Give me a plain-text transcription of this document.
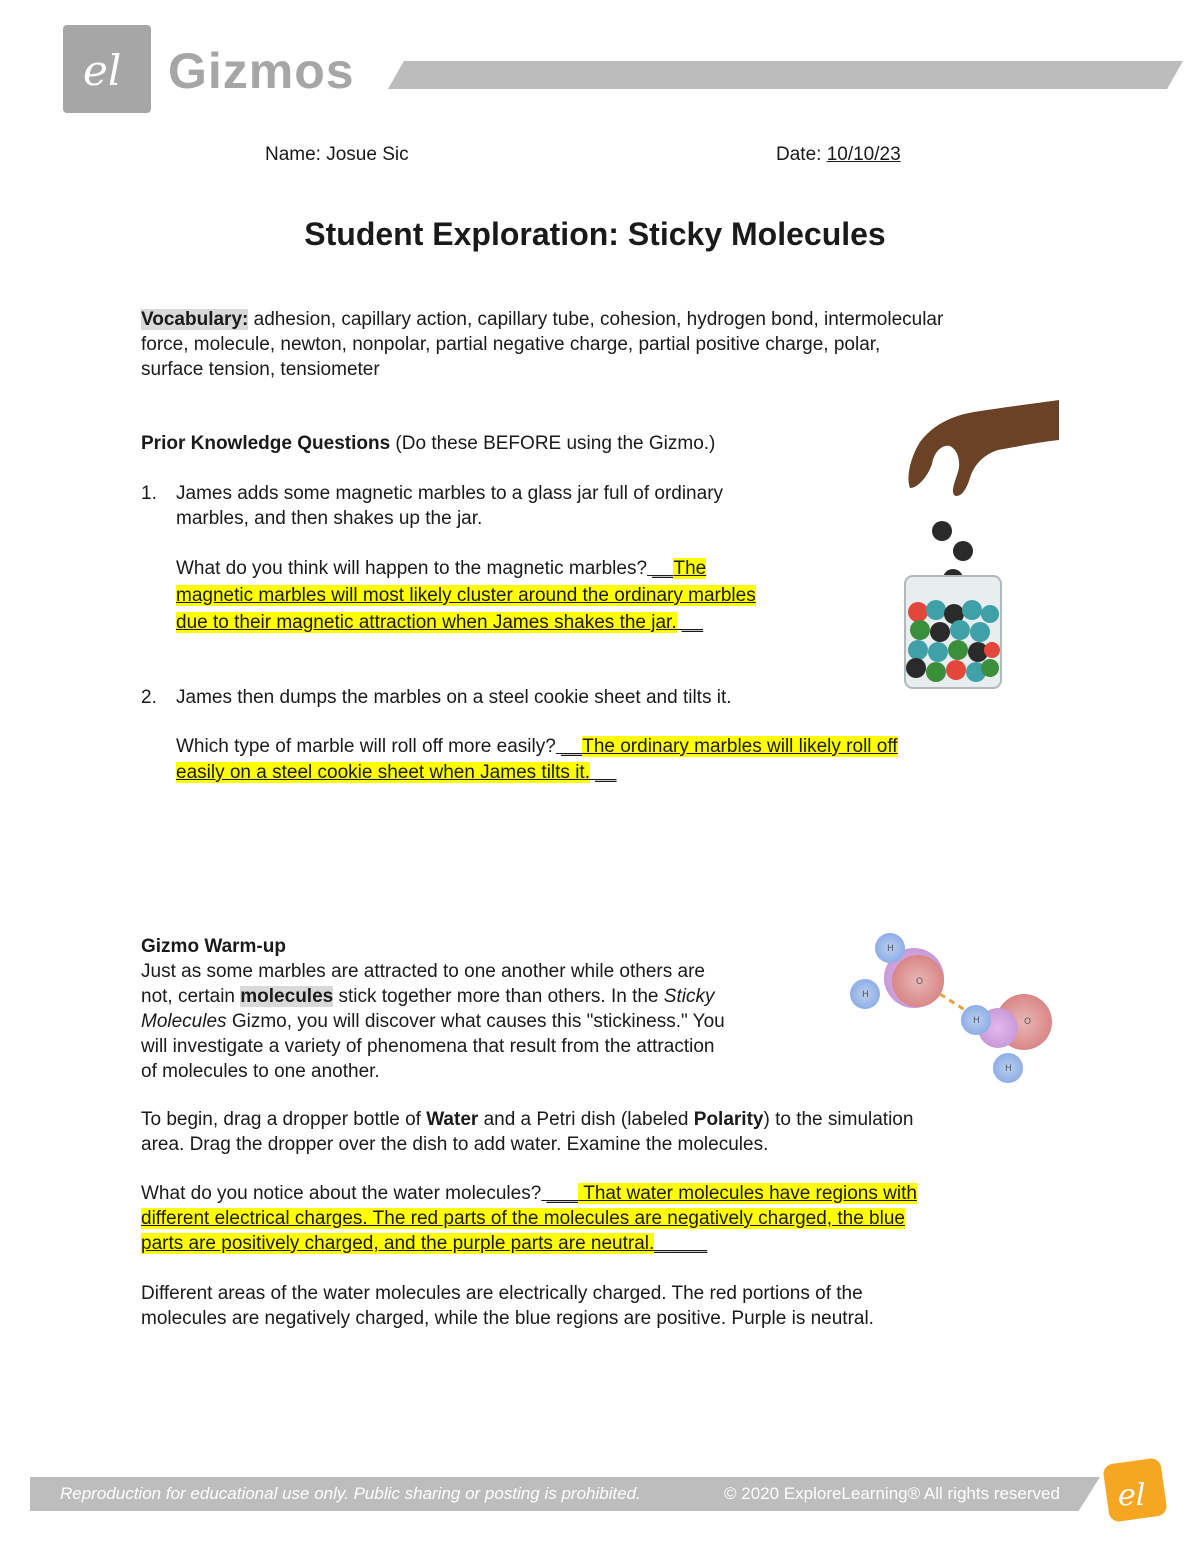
el Gizmos
Name: Josue Sic	Date: 10/10/23
Student Exploration: Sticky Molecules
Vocabulary: adhesion, capillary action, capillary tube, cohesion, hydrogen bond, intermolecular
force, molecule, newton, nonpolar, partial negative charge, partial positive charge, polar,
surface tension, tensiometer
Prior Knowledge Questions (Do these BEFORE using the Gizmo.)
1. James adds some magnetic marbles to a glass jar full of ordinary
marbles, and then shakes up the jar.
What do you think will happen to the magnetic marbles? __The
magnetic marbles will most likely cluster around the ordinary marbles
due to their magnetic attraction when James shakes the jar. __
2. James then dumps the marbles on a steel cookie sheet and tilts it.
Which type of marble will roll off more easily? __The ordinary marbles will likely roll off
easily on a steel cookie sheet when James tilts it. __
Gizmo Warm-up
Just as some marbles are attracted to one another while others are
not, certain molecules stick together more than others. In the Sticky
Molecules Gizmo, you will discover what causes this "stickiness." You
will investigate a variety of phenomena that result from the attraction
of molecules to one another.
H
H
O
H
H
O
To begin, drag a dropper bottle of Water and a Petri dish (labeled Polarity) to the simulation
area. Drag the dropper over the dish to add water. Examine the molecules.
What do you notice about the water molecules? ___ That water molecules have regions with
different electrical charges. The red parts of the molecules are negatively charged, the blue
parts are positively charged, and the purple parts are neutral._____
Different areas of the water molecules are electrically charged. The red portions of the
molecules are negatively charged, while the blue regions are positive. Purple is neutral.
Reproduction for educational use only. Public sharing or posting is prohibited.	© 2020 ExploreLearning® All rights reserved el
